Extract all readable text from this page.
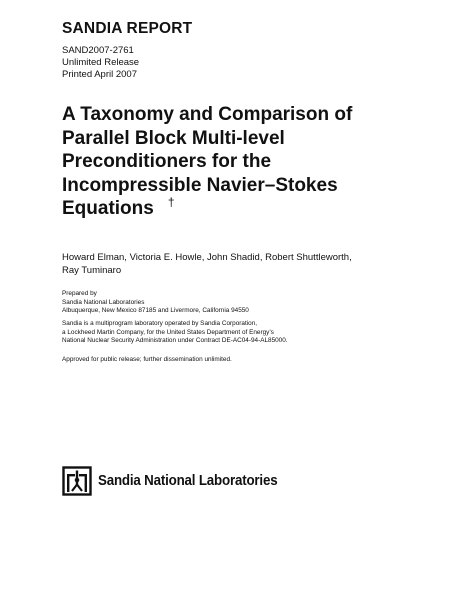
SANDIA REPORT
SAND2007-2761
Unlimited Release
Printed April 2007
A Taxonomy and Comparison of
Parallel Block Multi-level
Preconditioners for the
Incompressible Navier–Stokes
Equations †
Howard Elman, Victoria E. Howle, John Shadid, Robert Shuttleworth,
Ray Tuminaro
Prepared by
Sandia National Laboratories
Albuquerque, New Mexico 87185 and Livermore, California 94550
Sandia is a multiprogram laboratory operated by Sandia Corporation,
a Lockheed Martin Company, for the United States Department of Energy’s
National Nuclear Security Administration under Contract DE-AC04-94-AL85000.
Approved for public release; further dissemination unlimited.
Sandia National Laboratories
